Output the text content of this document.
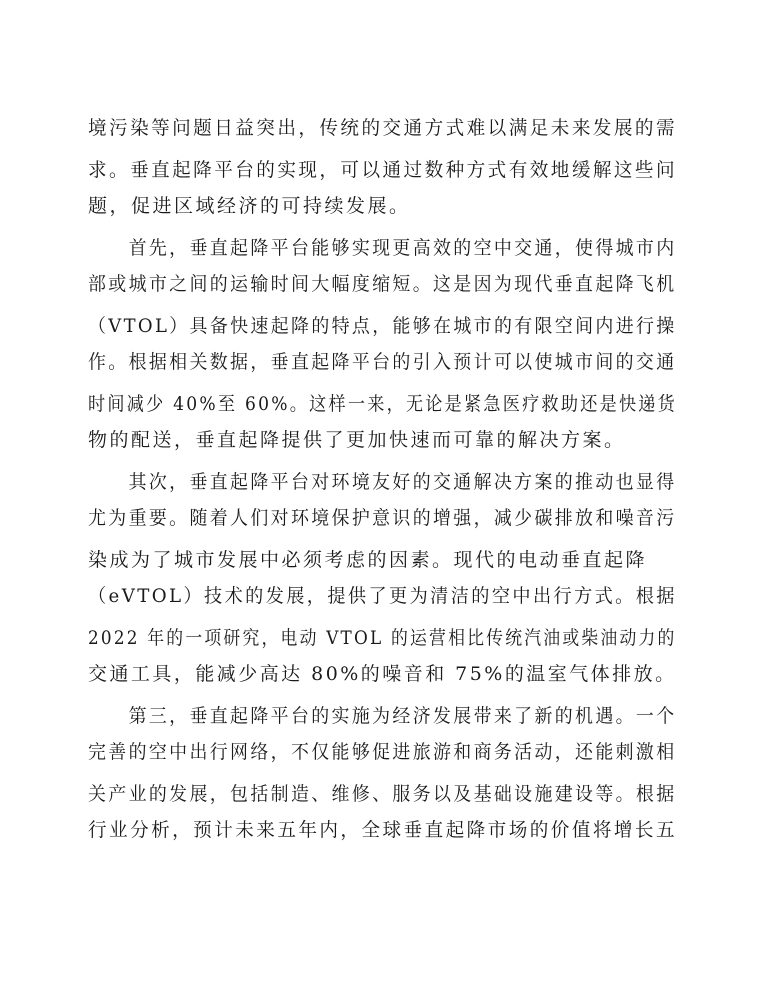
境污染等问题日益突出，传统的交通方式难以满足未来发展的需
求。垂直起降平台的实现，可以通过数种方式有效地缓解这些问
题，促进区域经济的可持续发展。
　　首先，垂直起降平台能够实现更高效的空中交通，使得城市内
部或城市之间的运输时间大幅度缩短。这是因为现代垂直起降飞机
（VTOL）具备快速起降的特点，能够在城市的有限空间内进行操
作。根据相关数据，垂直起降平台的引入预计可以使城市间的交通
时间减少 40%至 60%。这样一来，无论是紧急医疗救助还是快递货
物的配送，垂直起降提供了更加快速而可靠的解决方案。
　　其次，垂直起降平台对环境友好的交通解决方案的推动也显得
尤为重要。随着人们对环境保护意识的增强，减少碳排放和噪音污
染成为了城市发展中必须考虑的因素。现代的电动垂直起降
（eVTOL）技术的发展，提供了更为清洁的空中出行方式。根据
2022 年的一项研究，电动 VTOL 的运营相比传统汽油或柴油动力的
交通工具，能减少高达 80%的噪音和 75%的温室气体排放。
　　第三，垂直起降平台的实施为经济发展带来了新的机遇。一个
完善的空中出行网络，不仅能够促进旅游和商务活动，还能刺激相
关产业的发展，包括制造、维修、服务以及基础设施建设等。根据
行业分析，预计未来五年内，全球垂直起降市场的价值将增长五
